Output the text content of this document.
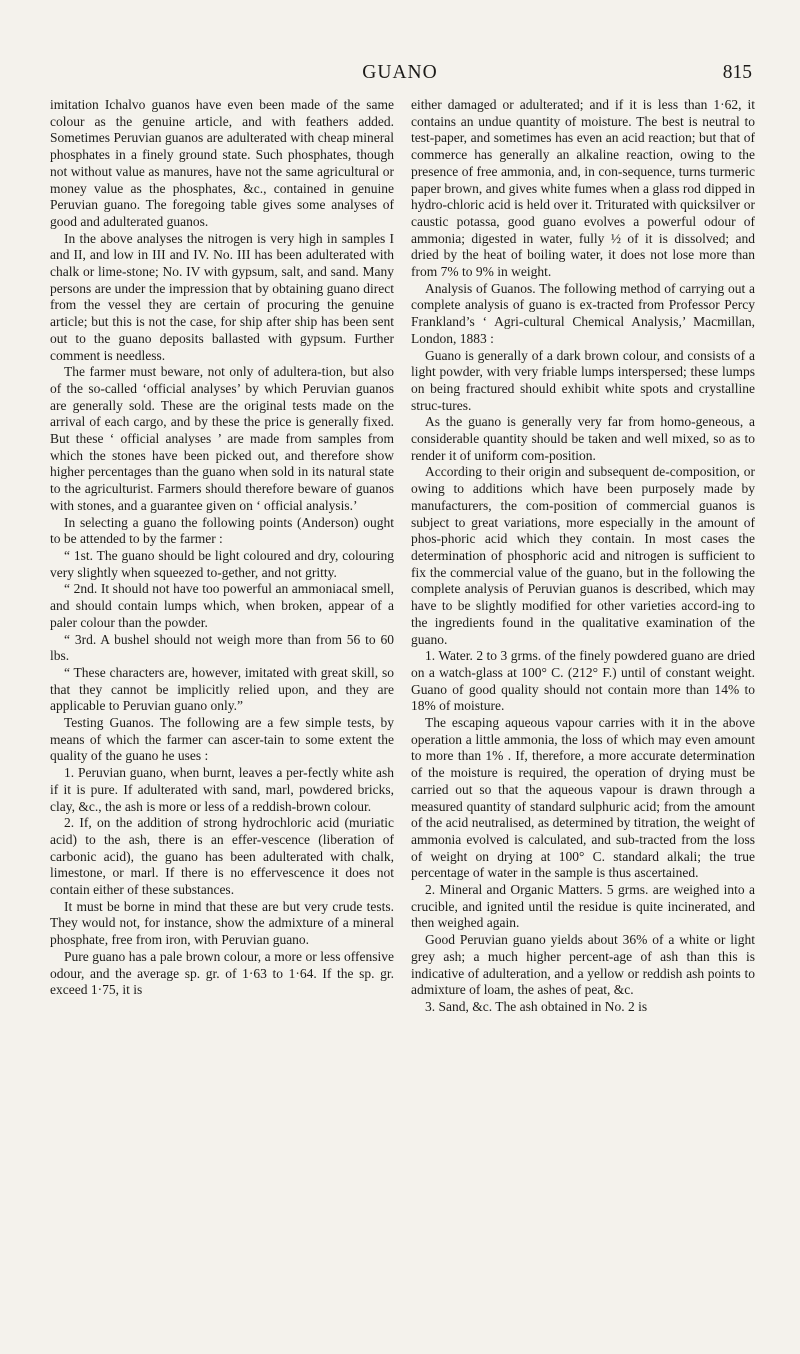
GUANO	815

imitation Ichalvo guanos have even been made of the same colour as the genuine article, and with feathers added. Sometimes Peruvian guanos are adulterated with cheap mineral phosphates in a finely ground state. Such phosphates, though not without value as manures, have not the same agricultural or money value as the phosphates, &c., contained in genuine Peruvian guano. The foregoing table gives some analyses of good and adulterated guanos.

In the above analyses the nitrogen is very high in samples I and II, and low in III and IV. No. III has been adulterated with chalk or lime-stone; No. IV with gypsum, salt, and sand. Many persons are under the impression that by obtaining guano direct from the vessel they are certain of procuring the genuine article; but this is not the case, for ship after ship has been sent out to the guano deposits ballasted with gypsum. Further comment is needless.

The farmer must beware, not only of adultera-tion, but also of the so-called ‘official analyses’ by which Peruvian guanos are generally sold. These are the original tests made on the arrival of each cargo, and by these the price is generally fixed. But these ‘ official analyses ’ are made from samples from which the stones have been picked out, and therefore show higher percentages than the guano when sold in its natural state to the agriculturist. Farmers should therefore beware of guanos with stones, and a guarantee given on ‘ official analysis.’

In selecting a guano the following points (Anderson) ought to be attended to by the farmer :

“ 1st. The guano should be light coloured and dry, colouring very slightly when squeezed to-gether, and not gritty.

“ 2nd. It should not have too powerful an ammoniacal smell, and should contain lumps which, when broken, appear of a paler colour than the powder.

“ 3rd. A bushel should not weigh more than from 56 to 60 lbs.

“ These characters are, however, imitated with great skill, so that they cannot be implicitly relied upon, and they are applicable to Peruvian guano only.”

Testing Guanos. The following are a few simple tests, by means of which the farmer can ascer-tain to some extent the quality of the guano he uses :

1. Peruvian guano, when burnt, leaves a per-fectly white ash if it is pure. If adulterated with sand, marl, powdered bricks, clay, &c., the ash is more or less of a reddish-brown colour.

2. If, on the addition of strong hydrochloric acid (muriatic acid) to the ash, there is an effer-vescence (liberation of carbonic acid), the guano has been adulterated with chalk, limestone, or marl. If there is no effervescence it does not contain either of these substances.

It must be borne in mind that these are but very crude tests. They would not, for instance, show the admixture of a mineral phosphate, free from iron, with Peruvian guano.

Pure guano has a pale brown colour, a more or less offensive odour, and the average sp. gr. of 1·63 to 1·64. If the sp. gr. exceed 1·75, it is

either damaged or adulterated; and if it is less than 1·62, it contains an undue quantity of moisture. The best is neutral to test-paper, and sometimes has even an acid reaction; but that of commerce has generally an alkaline reaction, owing to the presence of free ammonia, and, in con-sequence, turns turmeric paper brown, and gives white fumes when a glass rod dipped in hydro-chloric acid is held over it. Triturated with quicksilver or caustic potassa, good guano evolves a powerful odour of ammonia; digested in water, fully ½ of it is dissolved; and dried by the heat of boiling water, it does not lose more than from 7% to 9% in weight.

Analysis of Guanos. The following method of carrying out a complete analysis of guano is ex-tracted from Professor Percy Frankland’s ‘ Agri-cultural Chemical Analysis,’ Macmillan, London, 1883 :

Guano is generally of a dark brown colour, and consists of a light powder, with very friable lumps interspersed; these lumps on being fractured should exhibit white spots and crystalline struc-tures.

As the guano is generally very far from homo-geneous, a considerable quantity should be taken and well mixed, so as to render it of uniform com-position.

According to their origin and subsequent de-composition, or owing to additions which have been purposely made by manufacturers, the com-position of commercial guanos is subject to great variations, more especially in the amount of phos-phoric acid which they contain. In most cases the determination of phosphoric acid and nitrogen is sufficient to fix the commercial value of the guano, but in the following the complete analysis of Peruvian guanos is described, which may have to be slightly modified for other varieties accord-ing to the ingredients found in the qualitative examination of the guano.

1. Water. 2 to 3 grms. of the finely powdered guano are dried on a watch-glass at 100° C. (212° F.) until of constant weight. Guano of good quality should not contain more than 14% to 18% of moisture.

The escaping aqueous vapour carries with it in the above operation a little ammonia, the loss of which may even amount to more than 1% . If, therefore, a more accurate determination of the moisture is required, the operation of drying must be carried out so that the aqueous vapour is drawn through a measured quantity of standard sulphuric acid; from the amount of the acid neutralised, as determined by titration, the weight of ammonia evolved is calculated, and sub-tracted from the loss of weight on drying at 100° C. standard alkali; the true percentage of water in the sample is thus ascertained.

2. Mineral and Organic Matters. 5 grms. are weighed into a crucible, and ignited until the residue is quite incinerated, and then weighed again.

Good Peruvian guano yields about 36% of a white or light grey ash; a much higher percent-age of ash than this is indicative of adulteration, and a yellow or reddish ash points to admixture of loam, the ashes of peat, &c.

3. Sand, &c. The ash obtained in No. 2 is
